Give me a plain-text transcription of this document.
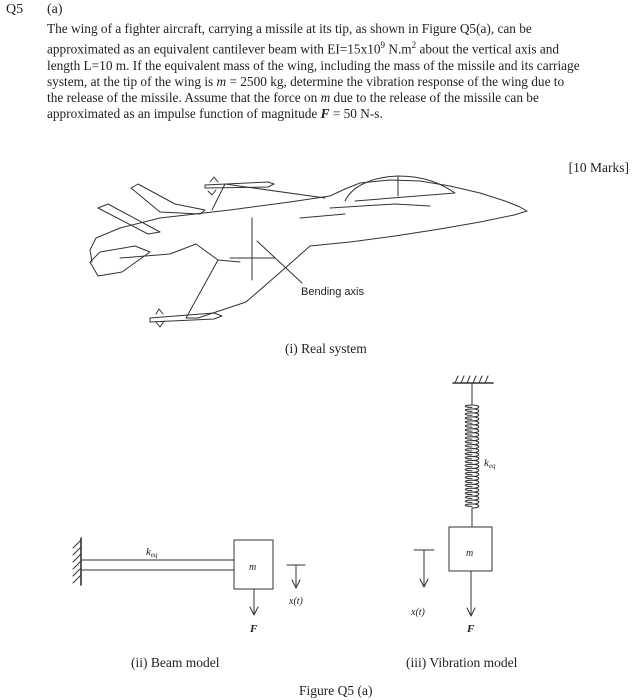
Q5 (a)
The wing of a fighter aircraft, carrying a missile at its tip, as shown in Figure Q5(a), can be
approximated as an equivalent cantilever beam with $EI=15x10^9$ $N.m^2$ about the vertical axis and
length L=10 m. If the equivalent mass of the wing, including the mass of the missile and its carriage
system, at the tip of the wing is m = 2500 kg, determine the vibration response of the wing due to
the release of the missile. Assume that the force on m due to the release of the missile can be
approximated as an impulse function of magnitude F = 50 N-s.
[10 Marks]
Bending axis
(i) Real system
keq
m
x(t)
F
(ii) Beam model
keq
m
x(t)
F
(iii) Vibration model
Figure Q5 (a)
